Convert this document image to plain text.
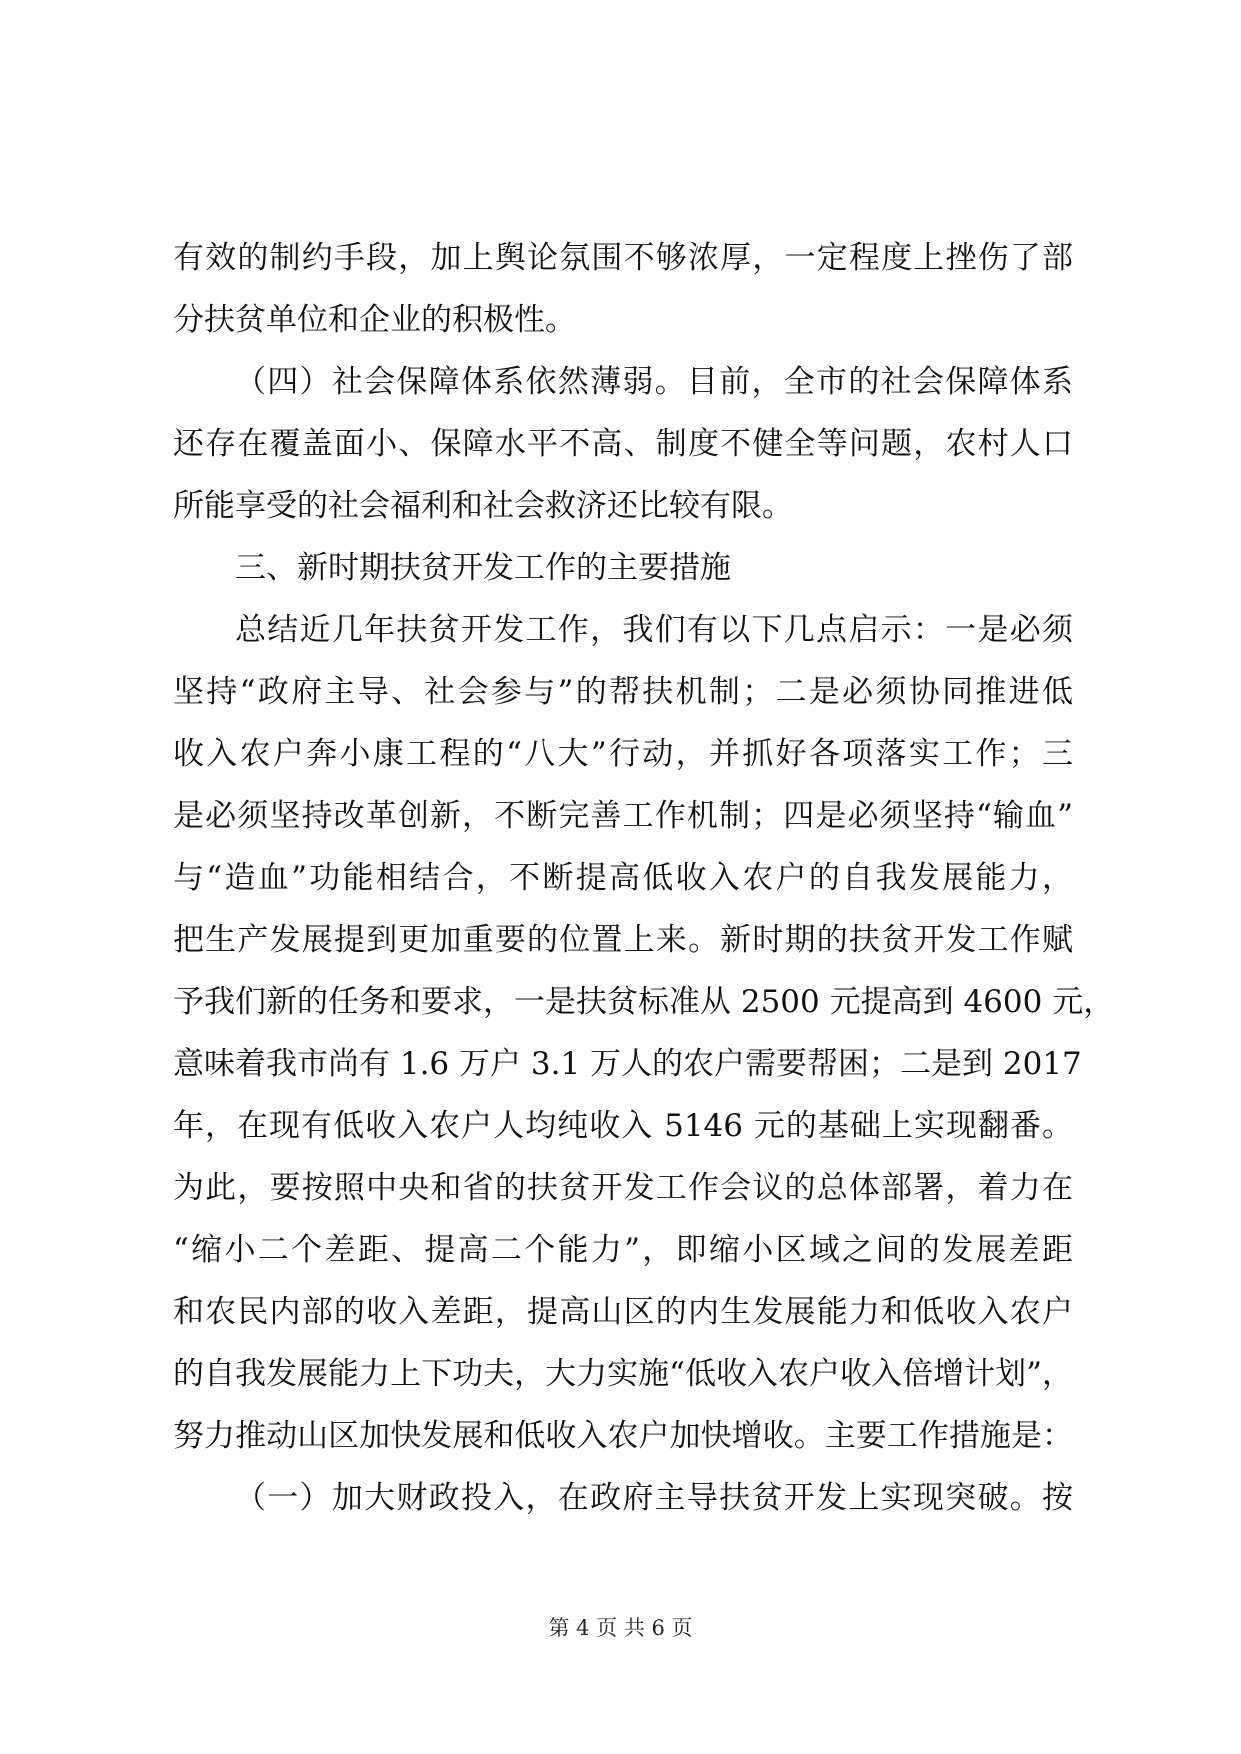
有效的制约手段，加上舆论氛围不够浓厚，一定程度上挫伤了部
分扶贫单位和企业的积极性。
（四）社会保障体系依然薄弱。目前，全市的社会保障体系
还存在覆盖面小、保障水平不高、制度不健全等问题，农村人口
所能享受的社会福利和社会救济还比较有限。
三、新时期扶贫开发工作的主要措施
总结近几年扶贫开发工作，我们有以下几点启示：一是必须
坚持“政府主导、社会参与”的帮扶机制；二是必须协同推进低
收入农户奔小康工程的“八大”行动，并抓好各项落实工作；三
是必须坚持改革创新，不断完善工作机制；四是必须坚持“输血”
与“造血”功能相结合，不断提高低收入农户的自我发展能力，
把生产发展提到更加重要的位置上来。新时期的扶贫开发工作赋
予我们新的任务和要求，一是扶贫标准从 2500 元提高到 4600 元，
意味着我市尚有 1.6 万户 3.1 万人的农户需要帮困；二是到 2017
年，在现有低收入农户人均纯收入 5146 元的基础上实现翻番。
为此，要按照中央和省的扶贫开发工作会议的总体部署，着力在
“缩小二个差距、提高二个能力”，即缩小区域之间的发展差距
和农民内部的收入差距，提高山区的内生发展能力和低收入农户
的自我发展能力上下功夫，大力实施“低收入农户收入倍增计划”，
努力推动山区加快发展和低收入农户加快增收。主要工作措施是：
（一）加大财政投入，在政府主导扶贫开发上实现突破。按
第 4 页 共 6 页
